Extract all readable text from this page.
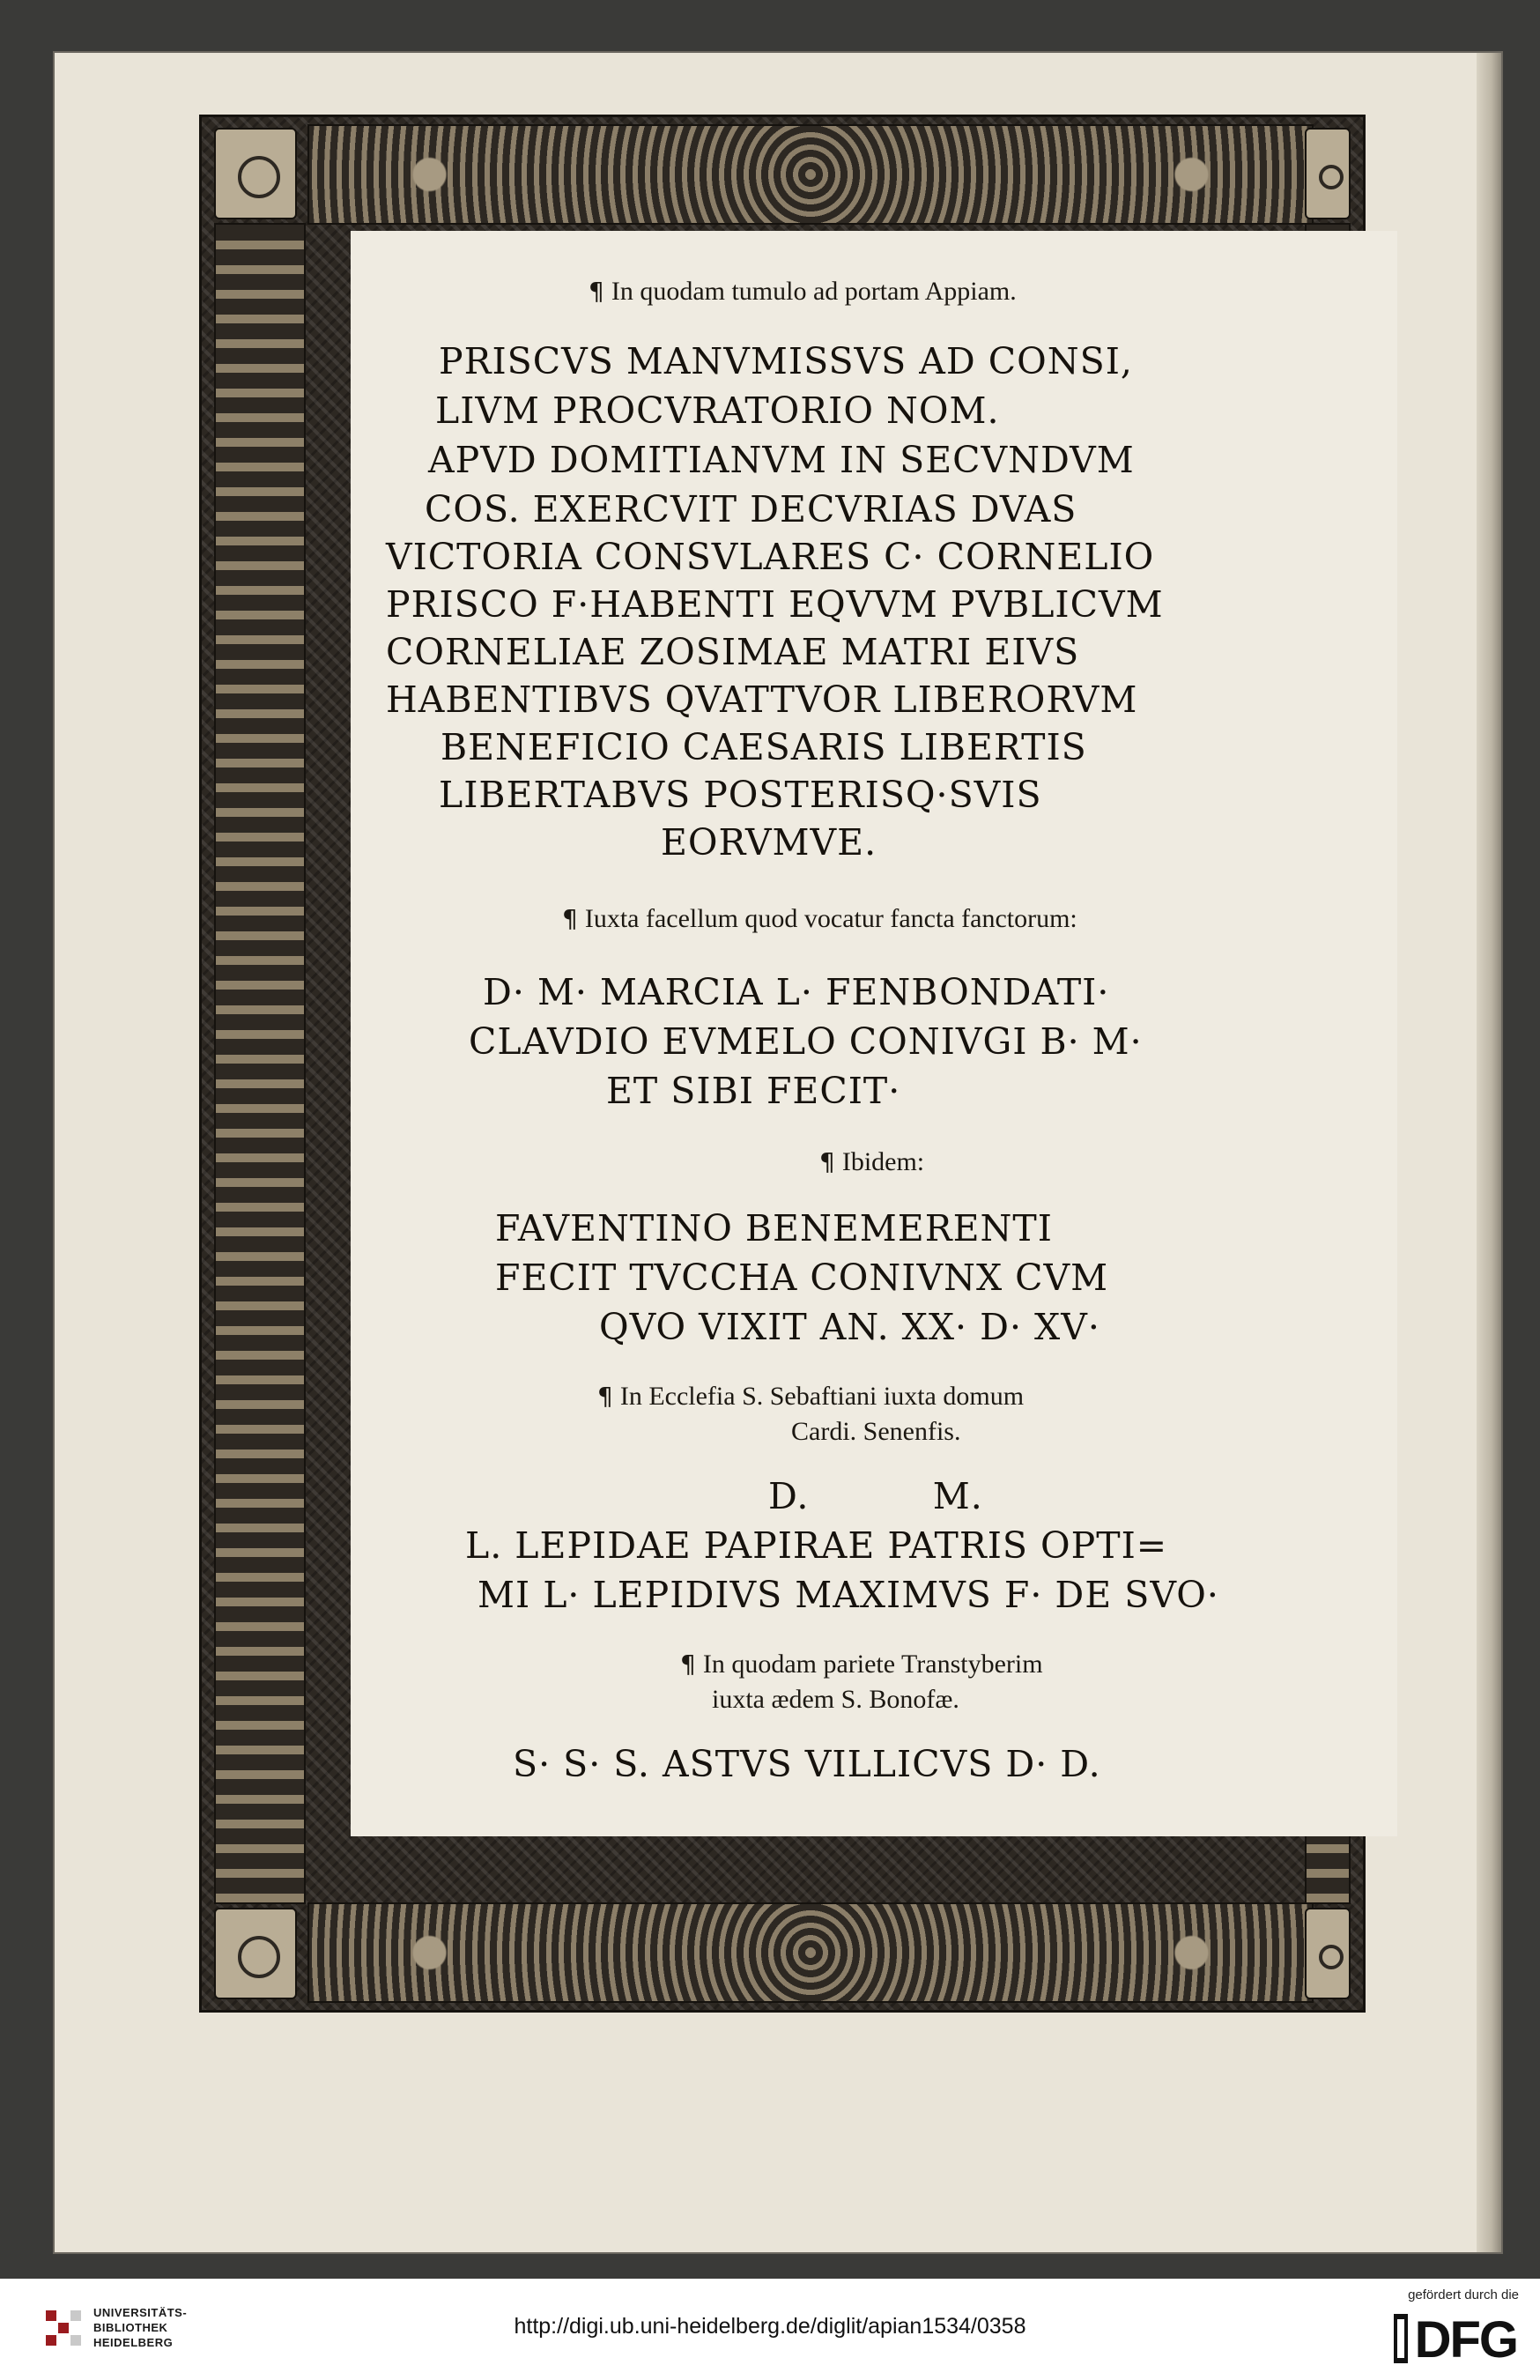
¶ In quodam tumulo ad portam Appiam.
PRISCVS MANVMISSVS AD CONSI,
LIVM PROCVRATORIO NOM.
APVD DOMITIANVM IN SECVNDVM
COS. EXERCVIT DECVRIAS DVAS
VICTORIA CONSVLARES C· CORNELIO
PRISCO F·HABENTI EQVVM PVBLICVM
CORNELIAE ZOSIMAE MATRI EIVS
HABENTIBVS QVATTVOR LIBERORVM
BENEFICIO CAESARIS LIBERTIS
LIBERTABVS POSTERISQ·SVIS
EORVMVE.
¶ Iuxta facellum quod vocatur fancta fanctorum:
D· M· MARCIA L· FENBONDATI·
CLAVDIO EVMELO CONIVGI B· M·
ET SIBI FECIT·
¶ Ibidem:
FAVENTINO BENEMERENTI
FECIT TVCCHA CONIVNX CVM
QVO VIXIT AN. XX· D· XV·
¶ In Ecclefia S. Sebaftiani iuxta domum
Cardi. Senenfis.
D.          M.
L. LEPIDAE PAPIRAE PATRIS OPTI=
MI L· LEPIDIVS MAXIMVS F· DE SVO·
¶ In quodam pariete Transtyberim
iuxta ædem S. Bonofæ.
S· S· S. ASTVS VILLICVS D· D.
UNIVERSITÄTS-
BIBLIOTHEK
HEIDELBERG
http://digi.ub.uni-heidelberg.de/diglit/apian1534/0358
gefördert durch die
DFG
